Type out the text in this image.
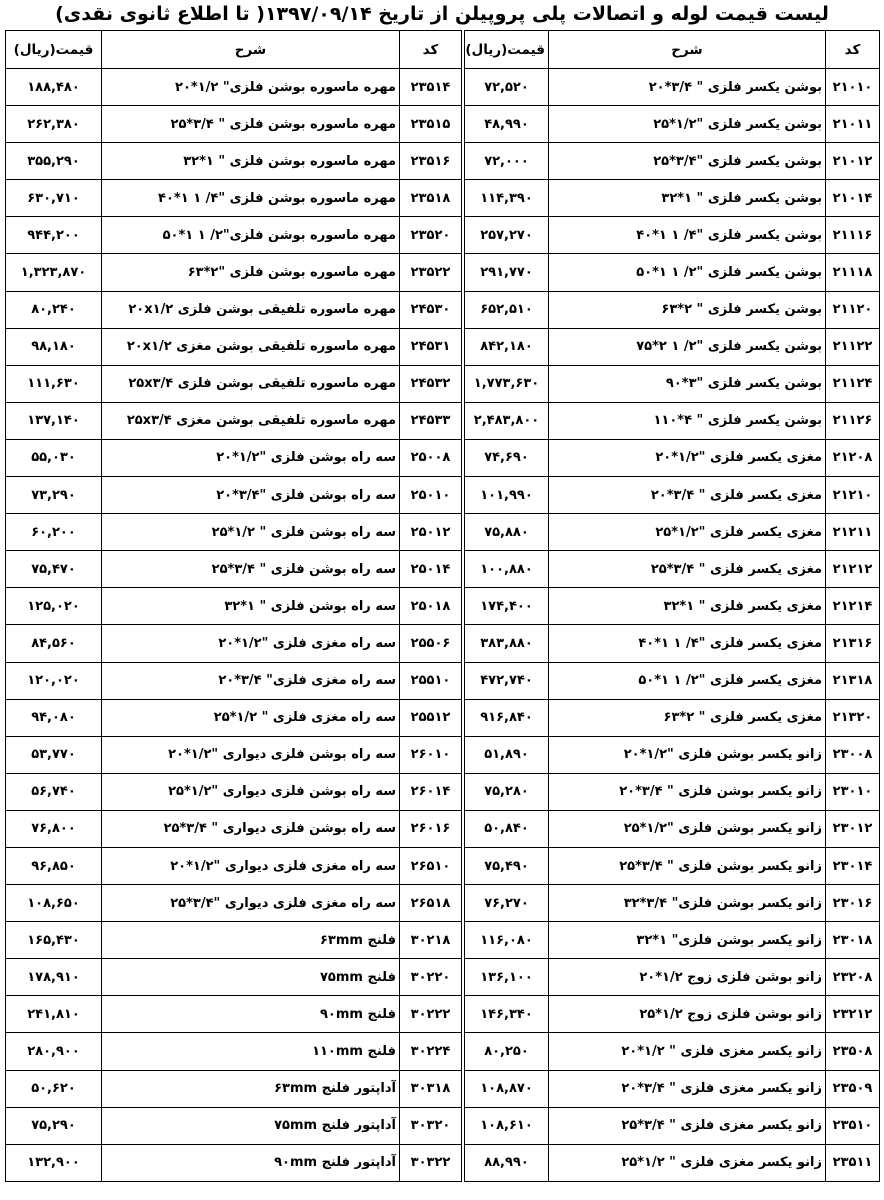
لیست قیمت لوله و اتصالات پلی پروپیلن از تاریخ ۱۳۹۷/۰۹/۱۴( تا اطلاع ثانوی نقدی)
کد	شرح	قیمت(ریال)		کد	شرح	قیمت(ریال)
۲۱۰۱۰	بوشن یکسر فلزی " ۳/۴*۲۰	۷۲,۵۲۰		۲۳۵۱۴	مهره ماسوره بوشن فلزی" ۱/۲*۲۰	۱۸۸,۴۸۰
۲۱۰۱۱	بوشن یکسر فلزی "۱/۲*۲۵	۴۸,۹۹۰		۲۳۵۱۵	مهره ماسوره بوشن فلزی " ۳/۴*۲۵	۲۶۲,۳۸۰
۲۱۰۱۲	بوشن یکسر فلزی "۳/۴*۲۵	۷۲,۰۰۰		۲۳۵۱۶	مهره ماسوره بوشن فلزی " ۱*۳۲	۳۵۵,۲۹۰
۲۱۰۱۴	بوشن یکسر فلزی " ۱*۳۲	۱۱۴,۳۹۰		۲۳۵۱۸	مهره ماسوره بوشن فلزی "۴/ ۱ ۱*۴۰	۶۳۰,۷۱۰
۲۱۱۱۶	بوشن یکسر فلزی "۴/ ۱ ۱*۴۰	۲۵۷,۲۷۰		۲۳۵۲۰	مهره ماسوره بوشن فلزی"۲/ ۱ ۱*۵۰	۹۴۴,۲۰۰
۲۱۱۱۸	بوشن یکسر فلزی "۲/ ۱ ۱*۵۰	۲۹۱,۷۷۰		۲۳۵۲۲	مهره ماسوره بوشن فلزی "۲*۶۳	۱,۳۲۳,۸۷۰
۲۱۱۲۰	بوشن یکسر فلزی " ۲*۶۳	۶۵۲,۵۱۰		۲۴۵۳۰	مهره ماسوره تلفیقی بوشن فلزی ۲۰x۱/۲	۸۰,۲۴۰
۲۱۱۲۲	بوشن یکسر فلزی "۲/ ۱ ۲*۷۵	۸۴۲,۱۸۰		۲۴۵۳۱	مهره ماسوره تلفیقی بوشن مغزی ۲۰x۱/۲	۹۸,۱۸۰
۲۱۱۲۴	بوشن یکسر فلزی "۳*۹۰	۱,۷۷۳,۶۳۰		۲۴۵۳۲	مهره ماسوره تلفیقی بوشن فلزی ۲۵x۳/۴	۱۱۱,۶۳۰
۲۱۱۲۶	بوشن یکسر فلزی " ۴*۱۱۰	۲,۴۸۳,۸۰۰		۲۴۵۳۳	مهره ماسوره تلفیقی بوشن مغزی ۲۵x۳/۴	۱۳۷,۱۴۰
۲۱۲۰۸	مغزی یکسر فلزی "۱/۲*۲۰	۷۴,۶۹۰		۲۵۰۰۸	سه راه بوشن فلزی "۱/۲*۲۰	۵۵,۰۳۰
۲۱۲۱۰	مغزی یکسر فلزی " ۳/۴*۲۰	۱۰۱,۹۹۰		۲۵۰۱۰	سه راه بوشن فلزی "۳/۴*۲۰	۷۳,۲۹۰
۲۱۲۱۱	مغزی یکسر فلزی "۱/۲*۲۵	۷۵,۸۸۰		۲۵۰۱۲	سه راه بوشن فلزی " ۱/۲*۲۵	۶۰,۲۰۰
۲۱۲۱۲	مغزی یکسر فلزی " ۳/۴*۲۵	۱۰۰,۸۸۰		۲۵۰۱۴	سه راه بوشن فلزی " ۳/۴*۲۵	۷۵,۴۷۰
۲۱۲۱۴	مغزی یکسر فلزی " ۱*۳۲	۱۷۴,۴۰۰		۲۵۰۱۸	سه راه بوشن فلزی " ۱*۳۲	۱۲۵,۰۲۰
۲۱۳۱۶	مغزی یکسر فلزی "۴/ ۱ ۱*۴۰	۳۸۳,۸۸۰		۲۵۵۰۶	سه راه مغزی فلزی "۱/۲*۲۰	۸۴,۵۶۰
۲۱۳۱۸	مغزی یکسر فلزی "۲/ ۱ ۱*۵۰	۴۷۲,۷۴۰		۲۵۵۱۰	سه راه مغزی فلزی" ۳/۴*۲۰	۱۲۰,۰۲۰
۲۱۳۲۰	مغزی یکسر فلزی " ۲*۶۳	۹۱۶,۸۴۰		۲۵۵۱۲	سه راه مغزی فلزی " ۱/۲*۲۵	۹۴,۰۸۰
۲۳۰۰۸	زانو یکسر بوشن فلزی "۱/۲*۲۰	۵۱,۸۹۰		۲۶۰۱۰	سه راه بوشن فلزی دیواری "۱/۲*۲۰	۵۳,۷۷۰
۲۳۰۱۰	زانو یکسر بوشن فلزی " ۳/۴*۲۰	۷۵,۲۸۰		۲۶۰۱۴	سه راه بوشن فلزی دیواری "۱/۲*۲۵	۵۶,۷۴۰
۲۳۰۱۲	زانو یکسر بوشن فلزی "۱/۲*۲۵	۵۰,۸۴۰		۲۶۰۱۶	سه راه بوشن فلزی دیواری " ۳/۴*۲۵	۷۶,۸۰۰
۲۳۰۱۴	زانو یکسر بوشن فلزی " ۳/۴*۲۵	۷۵,۴۹۰		۲۶۵۱۰	سه راه مغزی فلزی دیواری "۱/۲*۲۰	۹۶,۸۵۰
۲۳۰۱۶	زانو یکسر بوشن فلزی" ۳/۴*۳۲	۷۶,۲۷۰		۲۶۵۱۸	سه راه مغزی فلزی دیواری "۳/۴*۲۵	۱۰۸,۶۵۰
۲۳۰۱۸	زانو یکسر بوشن فلزی" ۱*۳۲	۱۱۶,۰۸۰		۳۰۲۱۸	فلنج ۶۳mm	۱۶۵,۴۳۰
۲۳۲۰۸	زانو بوشن فلزی زوج ۱/۲*۲۰	۱۳۶,۱۰۰		۳۰۲۲۰	فلنج ۷۵mm	۱۷۸,۹۱۰
۲۳۲۱۲	زانو بوشن فلزی زوج ۱/۲*۲۵	۱۴۶,۳۴۰		۳۰۲۲۲	فلنج ۹۰mm	۲۴۱,۸۱۰
۲۳۵۰۸	زانو یکسر مغزی فلزی " ۱/۲*۲۰	۸۰,۲۵۰		۳۰۲۲۴	فلنج ۱۱۰mm	۲۸۰,۹۰۰
۲۳۵۰۹	زانو یکسر مغزی فلزی " ۳/۴*۲۰	۱۰۸,۸۷۰		۳۰۳۱۸	آداپتور فلنج ۶۳mm	۵۰,۶۲۰
۲۳۵۱۰	زانو یکسر مغزی فلزی " ۳/۴*۲۵	۱۰۸,۶۱۰		۳۰۳۲۰	آداپتور فلنج ۷۵mm	۷۵,۲۹۰
۲۳۵۱۱	زانو یکسر مغزی فلزی " ۱/۲*۲۵	۸۸,۹۹۰		۳۰۳۲۲	آداپتور فلنج ۹۰mm	۱۳۲,۹۰۰
